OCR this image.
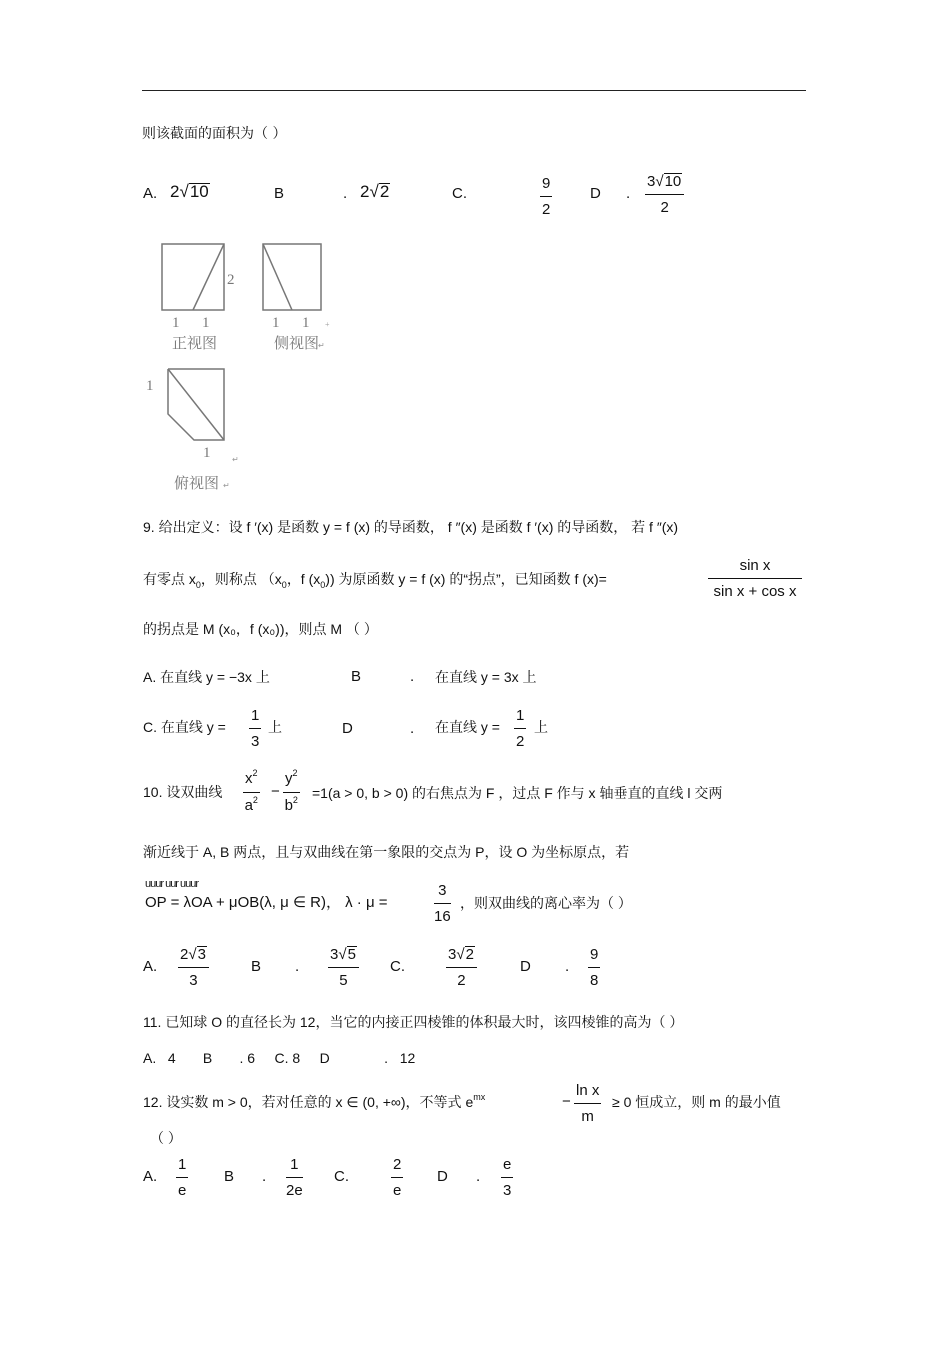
则该截面的面积为（ ）
A. 2√10	B	. 2√2	C.	$\frac{9}{2}$	D . $\frac{3√10}{2}$
1 1
2
1 1
1
1
+
↵
↵
↵
正视图	侧视图
俯视图
9. 给出定义：设 f ′(x) 是函数 y = f (x) 的导函数， f ″(x) 是函数 f ′(x) 的导函数， 若 f ″(x)
有零点 $x_0$，则称点 （$x_0$，f $(x_0)$) 为原函数 y = f (x) 的“拐点”，已知函数 f (x)=	$\frac{\text{sin x}}{\text{sin x + cos x}}$
的拐点是 M (x₀，f (x₀))，则点 M （ ）
A. 在直线 y = −3x 上	B	. 在直线 y = 3x 上
C. 在直线 $y = \frac{1}{3}$ 上	D	. 在直线 $y = \frac{1}{2}$ 上
10. 设双曲线 $\frac{x^2}{a^2} - \frac{y^2}{b^2} =1(a > 0$, b > 0) 的右焦点为 F ，过点 F 作与 x 轴垂直的直线 l 交两
渐近线于 A, B 两点，且与双曲线在第一象限的交点为 P，设 O 为坐标原点，若
uuur uur uuur
OP = λOA + μOB(λ, μ ∈ R)， λ · μ =	$\frac{3}{16}$ ，则双曲线的离心率为（ ）
A. $\frac{2√3}{3}$	B . $\frac{3√5}{5} C$.	$\frac{3√2}{2}$	D . $\frac{9}{8}$
11. 已知球 O 的直径长为 12，当它的内接正四棱锥的体积最大时，该四棱锥的高为（ ）
A.   4       B       . 6     C. 8     D              .   12
12. 设实数 m > 0，若对任意的 x ∈ (0, +∞)，不等式 $e^{mx}$	− $\frac{\text{ln x}}{m} \ge 0$ 恒成立，则 m 的最小值
（ ）
A. $\frac{1}{e}$ B . $\frac{1}{2e} C$.	$\frac{2}{e}$ D . $\frac{e}{3}$
